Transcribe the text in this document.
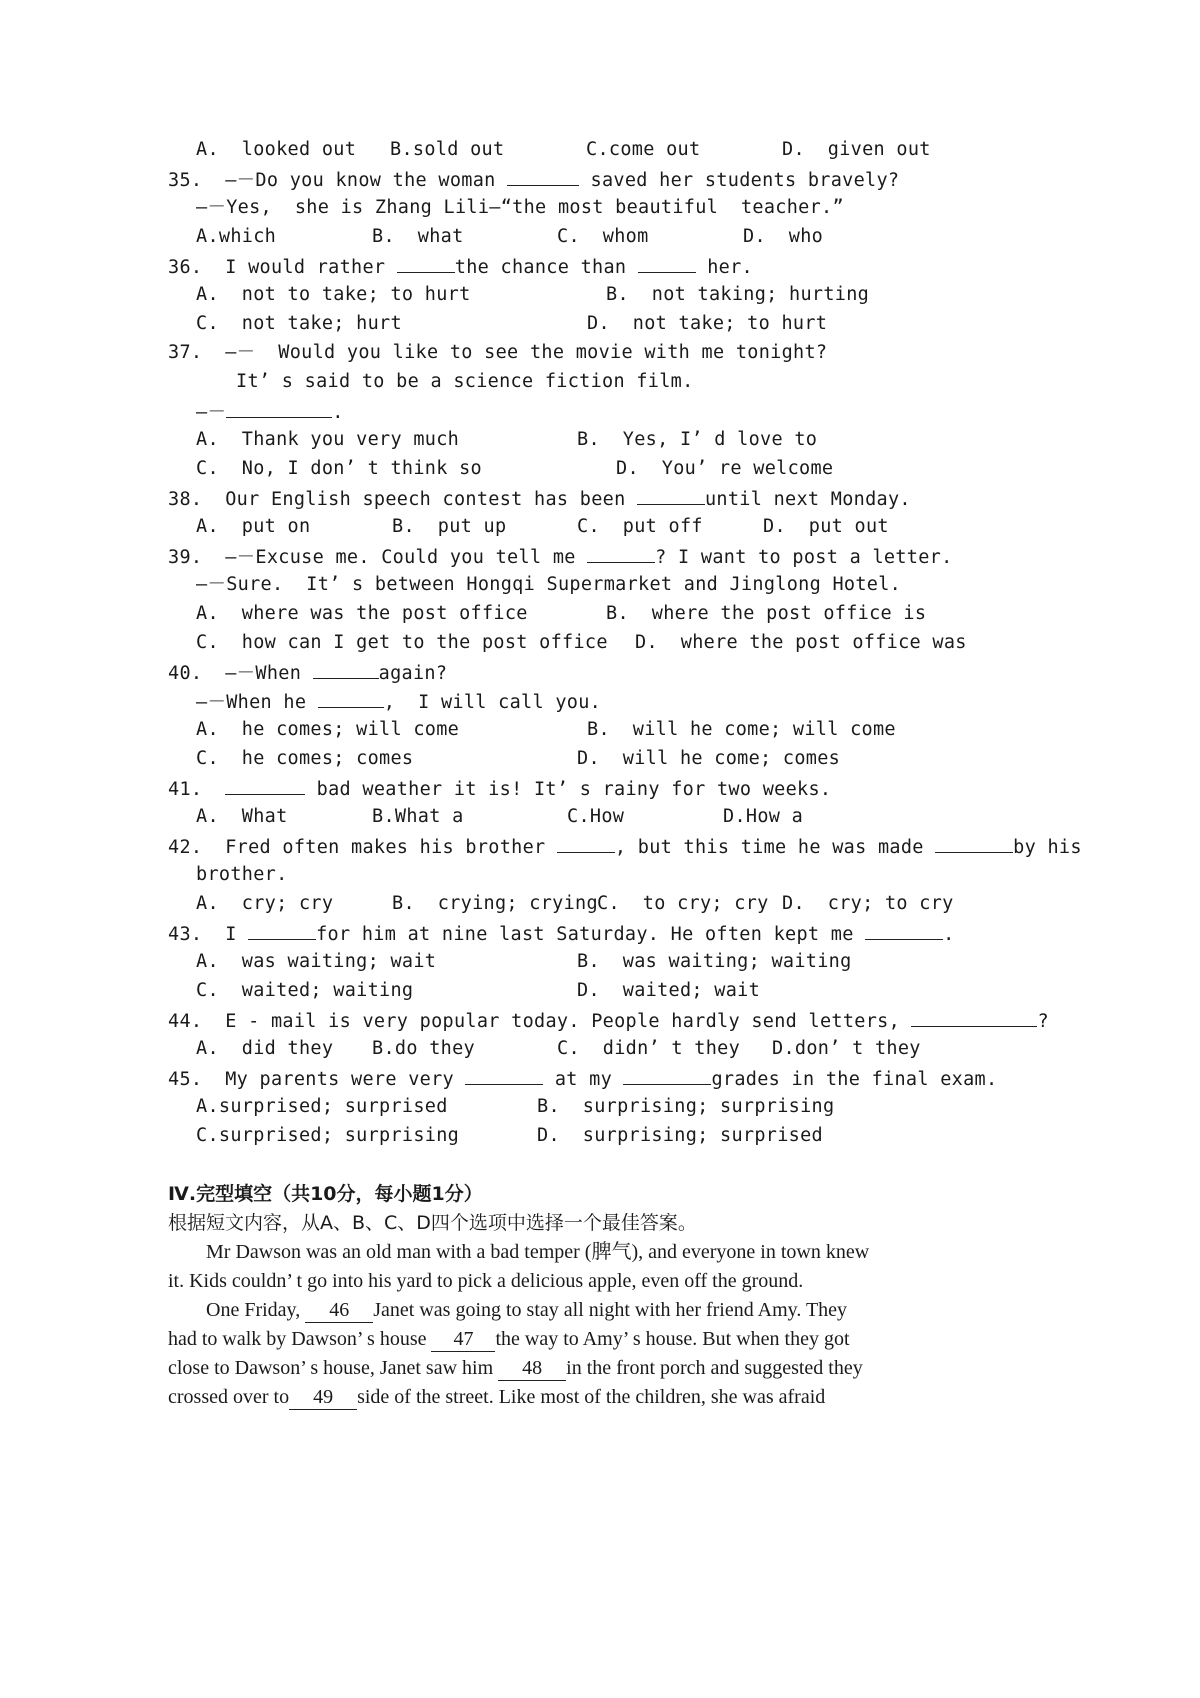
A.  looked out B.sold out	C.come out	D.  given out
35.  —－Do you know the woman	saved her students bravely?
—－Yes,  she is Zhang Lili—“the most beautiful  teacher.”
A.which	B.  what	C.  whom	D.  who
36.  I would rather	the chance than	her.
A.  not to take; to hurt	B.  not taking; hurting
C.  not take; hurt	D.  not take; to hurt
37.  —－  Would you like to see the movie with me tonight?
It’ s said to be a science fiction film.
—－	.
A.  Thank you very much	B.  Yes, I’ d love to
C.  No, I don’ t think so	D.  You’ re welcome
38.  Our English speech contest has been	until next Monday.
A.  put on	B.  put up	C.  put off	D.  put out
39.  —－Excuse me. Could you tell me	? I want to post a letter.
—－Sure.  It’ s between Hongqi Supermarket and Jinglong Hotel.
A.  where was the post office	B.  where the post office is
C.  how can I get to the post office D.  where the post office was
40.  —－When	again?
—－When he	,  I will call you.
A.  he comes; will come	B.  will he come; will come
C.  he comes; comes	D.  will he come; comes
41.	bad weather it is! It’ s rainy for two weeks.
A.  What	B.What a	C.How	D.How a
42.  Fred often makes his brother	, but this time he was made	by his
brother.
A.  cry; cry	B.  crying; crying C.  to cry; cry D.  cry; to cry
43.  I	for him at nine last Saturday. He often kept me	.
A.  was waiting; wait	B.  was waiting; waiting
C.  waited; waiting	D.  waited; wait
44.  E - mail is very popular today. People hardly send letters,	?
A.  did they B.do they	C.  didn’ t they D.don’ t they
45.  My parents were very	at my	grades in the final exam.
A.surprised; surprised	B.  surprising; surprising
C.surprised; surprising	D.  surprising; surprised
Ⅳ.完型填空（共10分，每小题1分）
根据短文内容，从A、B、C、D四个选项中选择一个最佳答案。
Mr Dawson was an old man with a bad temper (脾气), and everyone in town knew
it. Kids couldn’ t go into his yard to pick a delicious apple, even off the ground.
One Friday, 46 Janet was going to stay all night with her friend Amy. They
had to walk by Dawson’ s house 47 the way to Amy’ s house. But when they got
close to Dawson’ s house, Janet saw him 48 in the front porch and suggested they
crossed over to 49 side of the street. Like most of the children, she was afraid
